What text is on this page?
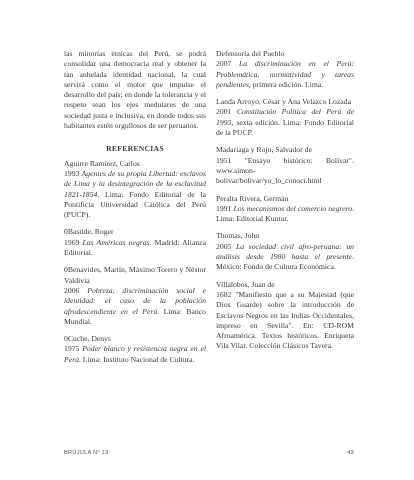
las minorías étnicas del Perú, se podrá consolidar una democracia real y obtener la tan anhelada identidad nacional, la cual servirá como el motor que impulse el desarrollo del país; en donde la tolerancia y el respeto sean los ejes medulares de una sociedad justa e inclusiva, en donde todos sus habitantes estén orgullosos de ser peruanos.

REFERENCIAS

Aguirre Ramírez, Carlos

1993 Agentes de su propia Libertad: esclavos de Lima y la desintegración de la esclavitud 1821-1854. Lima: Fondo Editorial de la Pontificia Universidad Católica del Perú (PUCP).

0Bastide, Roger

1969 Las Américas negras. Madrid: Alianza Editorial.

0Benavides, Martín, Máximo Torero y Néstor Valdivia

2006 Pobreza, discriminación social e identidad: el caso de la población afrodescendiente en el Perú. Lima: Banco Mundial.

0Cuche, Denys

1975 Poder blanco y resistencia negra en el Perú. Lima: Instituto Nacional de Cultura.

Defensoría del Pueblo

2007 La discriminación en el Perú: Problemática, normatividad y tareas pendientes, primera edición. Lima.

Landa Arroyo, César y Ana Velazco Lozada

2001 Constitución Política del Perú de 1993, sexta edición. Lima: Fondo Editorial de la PUCP.

Madariaga y Rojo, Salvador de

1951 "Ensayo histórico: Bolívar". www.simon-bolivar/bolivar/yo_lo_conoci.html

Peralta Rivera, Germán

1991 Los mecanismos del comercio negrero. Lima: Editorial Kuntur.

Thomas, John

2005 La sociedad civil afro-peruana: un análisis desde 1980 hasta el presente. México: Fondo de Cultura Económica.

Villalobos, Juan de

1682 "Manifiesto que a su Majestad (que Dios Guarde) sobre la introducción de Esclavos Negros en las Indias Occidentales, impreso en Sevilla". En: CD-ROM Afroamérica. Textos históricos. Enriqueta Vila Vilar. Colección Clásicos Tavera.

BRÚJULA Nº 13	43
